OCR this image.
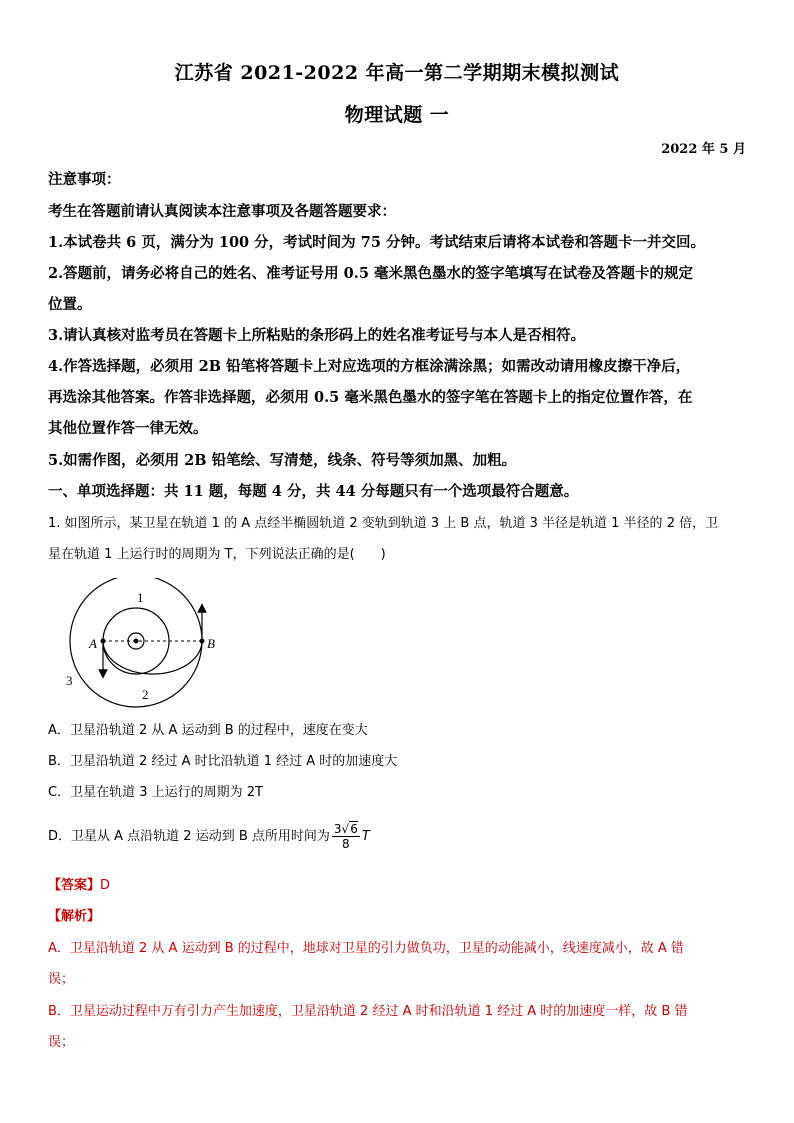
江苏省 2021-2022 年高一第二学期期末模拟测试
物理试题 一
2022 年 5 月
注意事项：
考生在答题前请认真阅读本注意事项及各题答题要求：
1.本试卷共 6 页，满分为 100 分，考试时间为 75 分钟。考试结束后请将本试卷和答题卡一并交回。
2.答题前，请务必将自己的姓名、准考证号用 0.5 毫米黑色墨水的签字笔填写在试卷及答题卡的规定
位置。
3.请认真核对监考员在答题卡上所粘贴的条形码上的姓名准考证号与本人是否相符。
4.作答选择题，必须用 2B 铅笔将答题卡上对应选项的方框涂满涂黑；如需改动请用橡皮擦干净后，
再选涂其他答案。作答非选择题，必须用 0.5 毫米黑色墨水的签字笔在答题卡上的指定位置作答，在
其他位置作答一律无效。
5.如需作图，必须用 2B 铅笔绘、写清楚，线条、符号等须加黑、加粗。
一、单项选择题：共 11 题，每题 4 分，共 44 分每题只有一个选项最符合题意。
1. 如图所示，某卫星在轨道 1 的 A 点经半椭圆轨道 2 变轨到轨道 3 上 B 点，轨道 3 半径是轨道 1 半径的 2 倍，卫
星在轨道 1 上运行时的周期为 T，下列说法正确的是(　　)
1
2
3
A	B
A．卫星沿轨道 2 从 A 运动到 B 的过程中，速度在变大
B．卫星沿轨道 2 经过 A 时比沿轨道 1 经过 A 时的加速度大
C．卫星在轨道 3 上运行的周期为 2T
D．卫星从 A 点沿轨道 2 运动到 B 点所用时间为 $\frac{3√6}{8}$ T
【答案】D
【解析】
A．卫星沿轨道 2 从 A 运动到 B 的过程中，地球对卫星的引力做负功，卫星的动能减小，线速度减小，故 A 错
误；
B．卫星运动过程中万有引力产生加速度，卫星沿轨道 2 经过 A 时和沿轨道 1 经过 A 时的加速度一样，故 B 错
误；
